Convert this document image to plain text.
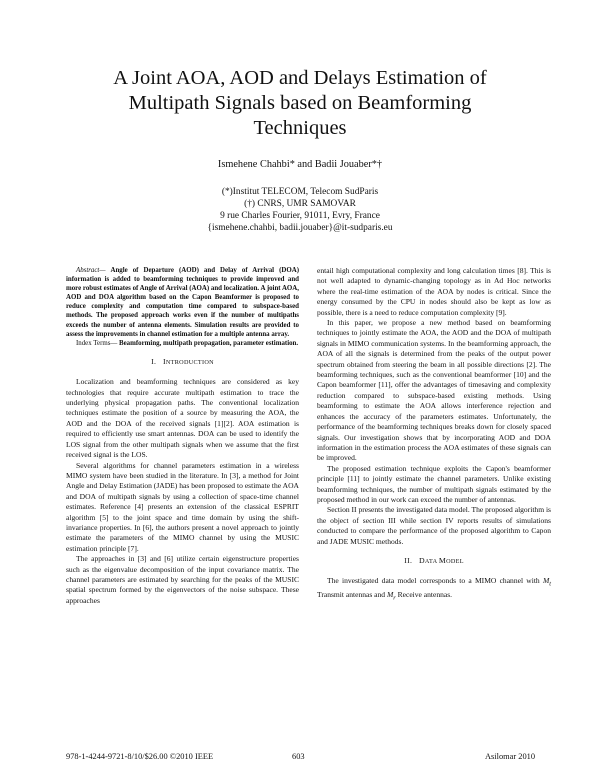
A Joint AOA, AOD and Delays Estimation of
Multipath Signals based on Beamforming
Techniques
Ismehene Chahbi* and Badii Jouaber*†
(*)Institut TELECOM, Telecom SudParis
(†) CNRS, UMR SAMOVAR
9 rue Charles Fourier, 91011, Evry, France
{ismehene.chahbi, badii.jouaber}@it-sudparis.eu

Abstract— Angle of Departure (AOD) and Delay of Arrival (DOA) information is added to beamforming techniques to provide improved and more robust estimates of Angle of Arrival (AOA) and localization. A joint AOA, AOD and DOA algorithm based on the Capon Beamformer is proposed to reduce complexity and computation time compared to subspace-based methods. The proposed approach works even if the number of multipaths exceeds the number of antenna elements. Simulation results are provided to assess the improvements in channel estimation for a multiple antenna array.

Index Terms— Beamforming, multipath propagation, parameter estimation.

I. INTRODUCTION

Localization and beamforming techniques are considered as key technologies that require accurate multipath estimation to trace the underlying physical propagation paths. The conventional localization techniques estimate the position of a source by measuring the AOA, the AOD and the DOA of the received signals [1][2]. AOA estimation is required to efficiently use smart antennas. DOA can be used to identify the LOS signal from the other multipath signals when we assume that the first received signal is the LOS.

Several algorithms for channel parameters estimation in a wireless MIMO system have been studied in the literature. In [3], a method for Joint Angle and Delay Estimation (JADE) has been proposed to estimate the AOA and DOA of multipath signals by using a collection of space-time channel estimates. Reference [4] presents an extension of the classical ESPRIT algorithm [5] to the joint space and time domain by using the shift-invariance properties. In [6], the authors present a novel approach to jointly estimate the parameters of the MIMO channel by using the MUSIC estimation principle [7].

The approaches in [3] and [6] utilize certain eigenstructure properties such as the eigenvalue decomposition of the input covariance matrix. The channel parameters are estimated by searching for the peaks of the MUSIC spatial spectrum formed by the eigenvectors of the noise subspace. These approaches

entail high computational complexity and long calculation times [8]. This is not well adapted to dynamic-changing topology as in Ad Hoc networks where the real-time estimation of the AOA by nodes is critical. Since the energy consumed by the CPU in nodes should also be kept as low as possible, there is a need to reduce computation complexity [9].

In this paper, we propose a new method based on beamforming techniques to jointly estimate the AOA, the AOD and the DOA of multipath signals in MIMO communication systems. In the beamforming approach, the AOA of all the signals is determined from the peaks of the output power spectrum obtained from steering the beam in all possible directions [2]. The beamforming techniques, such as the conventional beamformer [10] and the Capon beamformer [11], offer the advantages of timesaving and complexity reduction compared to subspace-based existing methods. Using beamforming to estimate the AOA allows interference rejection and enhances the accuracy of the parameters estimates. Unfortunately, the performance of the beamforming techniques breaks down for closely spaced signals. Our investigation shows that by incorporating AOD and DOA information in the estimation process the AOA estimates of these signals can be improved.

The proposed estimation technique exploits the Capon's beamformer principle [11] to jointly estimate the channel parameters. Unlike existing beamforming techniques, the number of multipath signals estimated by the proposed method in our work can exceed the number of antennas.

Section II presents the investigated data model. The proposed algorithm is the object of section III while section IV reports results of simulations conducted to compare the performance of the proposed algorithm to Capon and JADE MUSIC methods.

II. DATA MODEL

The investigated data model corresponds to a MIMO channel with $M_t$ Transmit antennas and $M_r$ Receive antennas.

978-1-4244-9721-8/10/$26.00 ©2010 IEEE	603	Asilomar 2010
